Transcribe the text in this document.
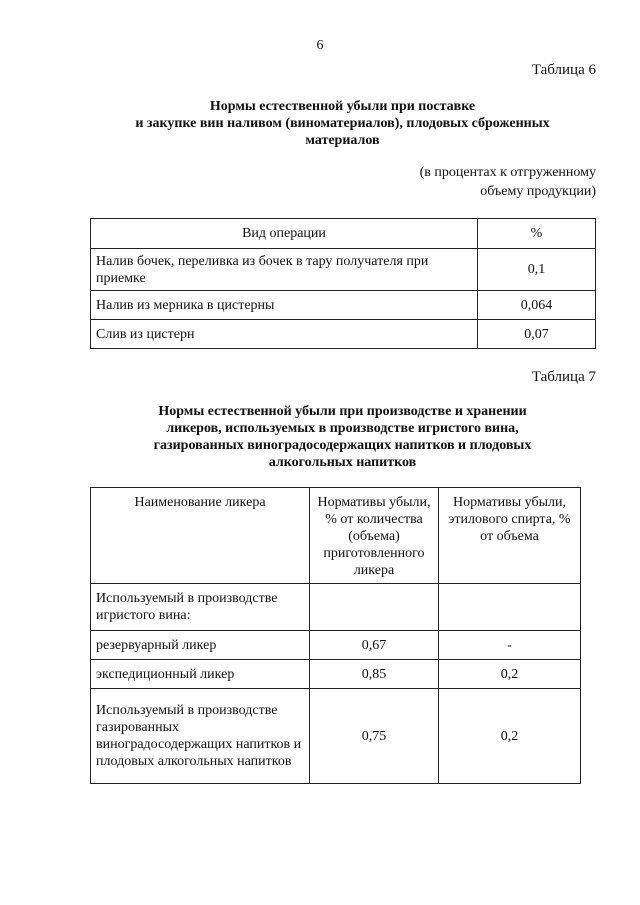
6
Таблица 6
Нормы естественной убыли при поставке
и закупке вин наливом (виноматериалов), плодовых сброженных
материалов
(в процентах к отгруженному
объему продукции)
Вид операции	%
Налив бочек, переливка из бочек в тару получателя при приемке	0,1
Налив из мерника в цистерны	0,064
Слив из цистерн	0,07
Таблица 7
Нормы естественной убыли при производстве и хранении
ликеров, используемых в производстве игристого вина,
газированных виноградосодержащих напитков и плодовых
алкогольных напитков
Наименование ликера	Нормативы убыли, % от количества (объема) приготовленного ликера	Нормативы убыли, этилового спирта, % от объема
Используемый в производстве игристого вина:		
резервуарный ликер	0,67	-
экспедиционный ликер	0,85	0,2
Используемый в производстве газированных виноградосодержащих напитков и плодовых алкогольных напитков	0,75	0,2
